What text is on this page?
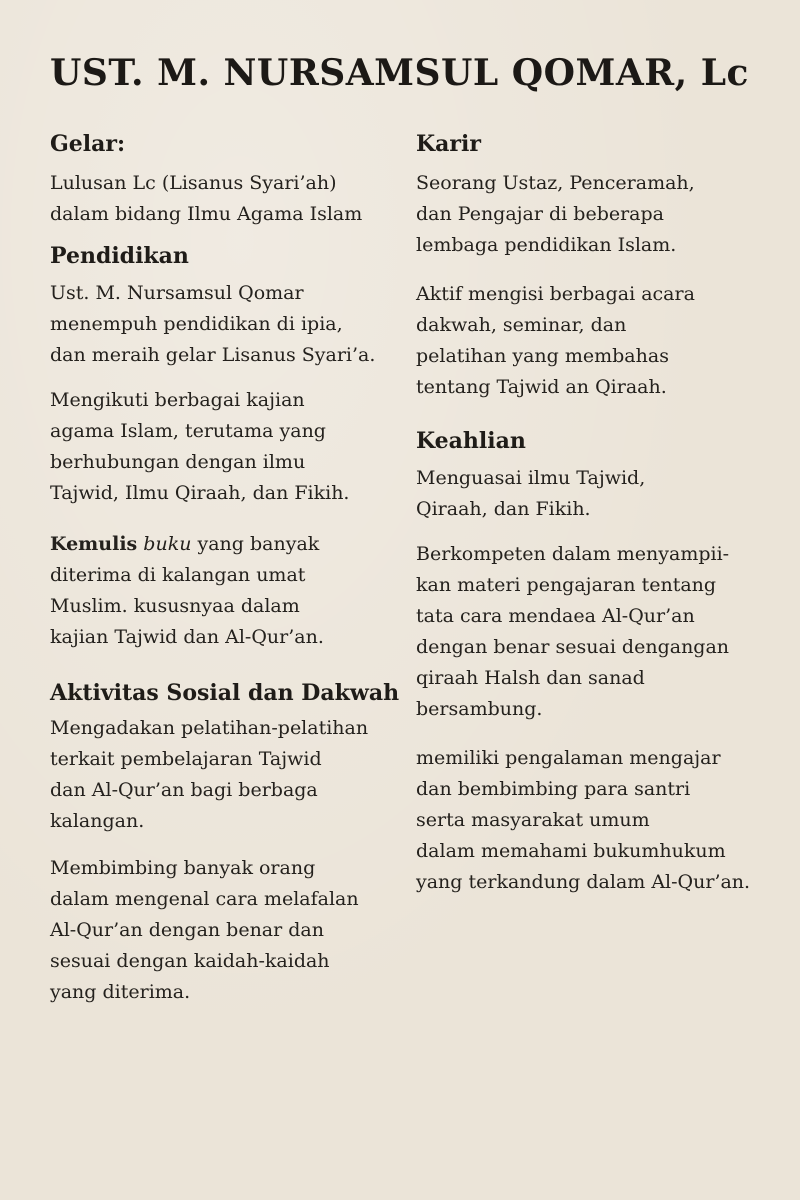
UST. M. NURSAMSUL QOMAR, Lc
Gelar:

Lulusan Lc (Lisanus Syari’ah)
dalam bidang Ilmu Agama Islam

Pendidikan

Ust. M. Nursamsul Qomar
menempuh pendidikan di ipia,
dan meraih gelar Lisanus Syari’a.

Mengikuti berbagai kajian
agama Islam, terutama yang
berhubungan dengan ilmu
Tajwid, Ilmu Qiraah, dan Fikih.

Kemulis buku yang banyak
diterima di kalangan umat
Muslim. kususnyaa dalam
kajian Tajwid dan Al-Qur’an.

Aktivitas Sosial dan Dakwah

Mengadakan pelatihan-pelatihan
terkait pembelajaran Tajwid
dan Al-Qur’an bagi berbaga
kalangan.

Membimbing banyak orang
dalam mengenal cara melafalan
Al-Qur’an dengan benar dan
sesuai dengan kaidah-kaidah
yang diterima.

Karir

Seorang Ustaz, Penceramah,
dan Pengajar di beberapa
lembaga pendidikan Islam.

Aktif mengisi berbagai acara
dakwah, seminar, dan
pelatihan yang membahas
tentang Tajwid an Qiraah.

Keahlian

Menguasai ilmu Tajwid,
Qiraah, dan Fikih.

Berkompeten dalam menyampii-
kan materi pengajaran tentang
tata cara mendaea Al-Qur’an
dengan benar sesuai dengangan
qiraah Halsh dan sanad
bersambung.

memiliki pengalaman mengajar
dan bembimbing para santri
serta masyarakat umum
dalam memahami bukumhukum
yang terkandung dalam Al-Qur’an.
